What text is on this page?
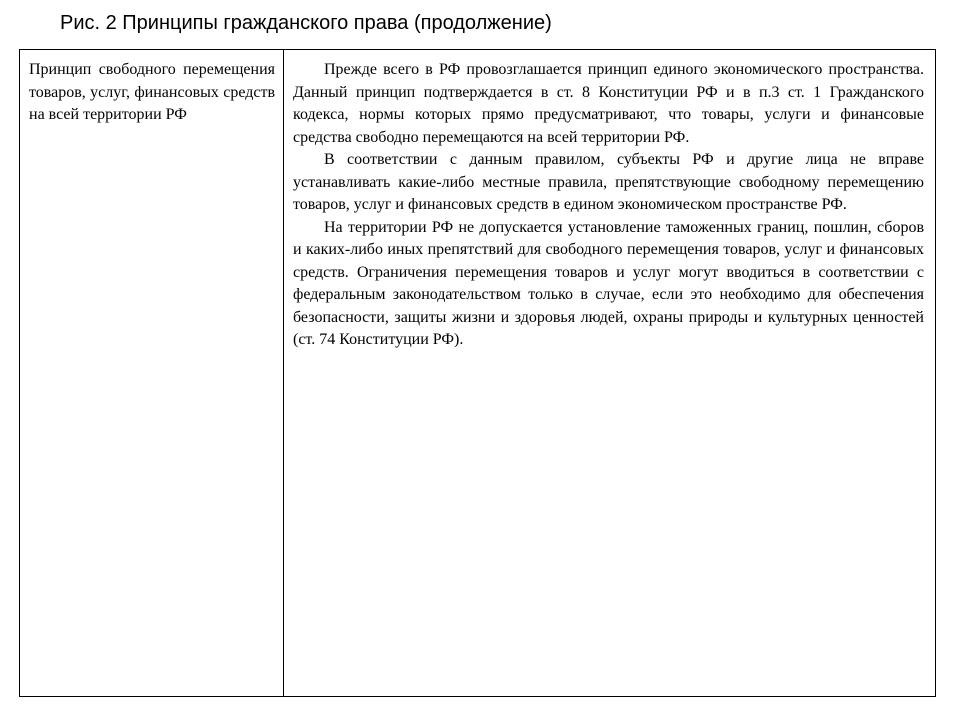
Рис. 2 Принципы гражданского права (продолжение)

Принцип свободного перемещения товаров, услуг, финансовых средств на всей территории РФ

Прежде всего в РФ провозглашается принцип единого экономического пространства. Данный принцип подтверждается в ст. 8 Конституции РФ и в п.3 ст. 1 Гражданского кодекса, нормы которых прямо предусматривают, что товары, услуги и финансовые средства свободно перемещаются на всей территории РФ.

В соответствии с данным правилом, субъекты РФ и другие лица не вправе устанавливать какие-либо местные правила, препятствующие свободному перемещению товаров, услуг и финансовых средств в едином экономическом пространстве РФ.

На территории РФ не допускается установление таможенных границ, пошлин, сборов и каких-либо иных препятствий для свободного перемещения товаров, услуг и финансовых средств. Ограничения перемещения товаров и услуг могут вводиться в соответствии с федеральным законодательством только в случае, если это необходимо для обеспечения безопасности, защиты жизни и здоровья людей, охраны природы и культурных ценностей (ст. 74 Конституции РФ).
